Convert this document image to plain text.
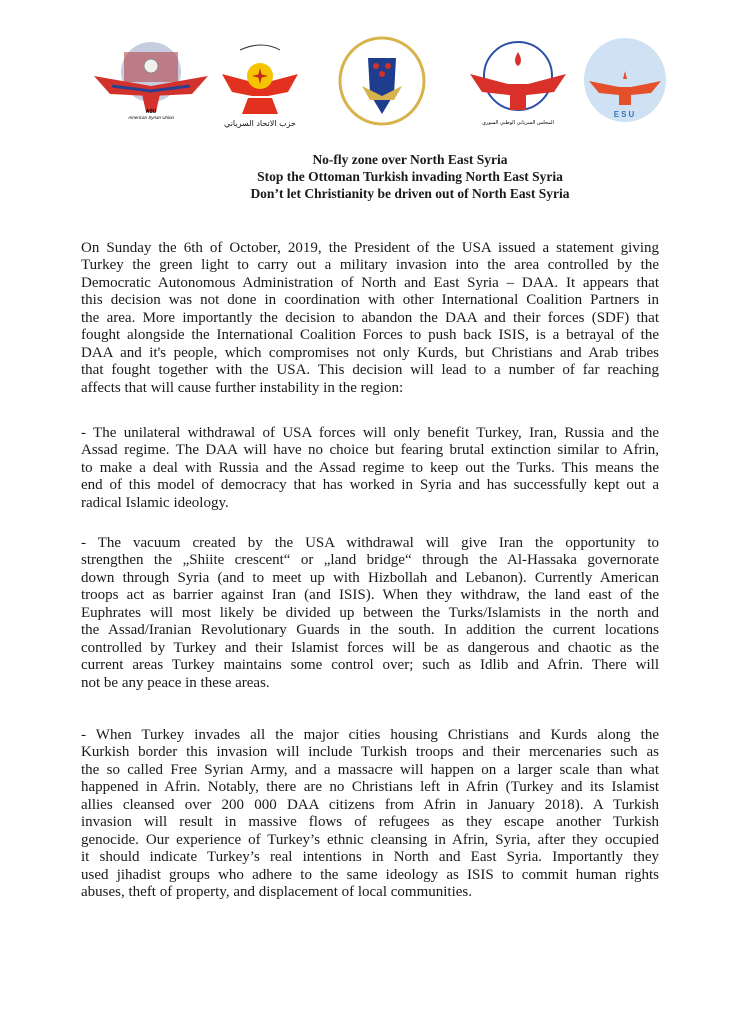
ASU
American Syrian Union
حزب الاتحاد السرياني	المجلس السرياني الوطني السوري
ESU
No-fly zone over North East Syria
Stop the Ottoman Turkish invading North East Syria
Don’t let Christianity be driven out of North East Syria
On Sunday the 6th of October, 2019, the President of the USA issued a statement giving
Turkey the green light to carry out a military invasion into the area controlled by the
Democratic Autonomous Administration of North and East Syria – DAA. It appears that
this decision was not done in coordination with other International Coalition Partners in
the area. More importantly the decision to abandon the DAA and their forces (SDF) that
fought alongside the International Coalition Forces to push back ISIS, is a betrayal of the
DAA and it's people, which compromises not only Kurds, but Christians and Arab tribes
that fought together with the USA. This decision will lead to a number of far reaching
affects that will cause further instability in the region:
- The unilateral withdrawal of USA forces will only benefit Turkey, Iran, Russia and the
Assad regime. The DAA will have no choice but fearing brutal extinction similar to Afrin,
to make a deal with Russia and the Assad regime to keep out the Turks. This means the
end of this model of democracy that has worked in Syria and has successfully kept out a
radical Islamic ideology.
- The vacuum created by the USA withdrawal will give Iran the opportunity to
strengthen the „Shiite crescent“ or „land bridge“ through the Al-Hassaka governorate
down through Syria (and to meet up with Hizbollah and Lebanon). Currently American
troops act as barrier against Iran (and ISIS). When they withdraw, the land east of the
Euphrates will most likely be divided up between the Turks/Islamists in the north and
the Assad/Iranian Revolutionary Guards in the south. In addition the current locations
controlled by Turkey and their Islamist forces will be as dangerous and chaotic as the
current areas Turkey maintains some control over; such as Idlib and Afrin. There will
not be any peace in these areas.
- When Turkey invades all the major cities housing Christians and Kurds along the
Kurkish border this invasion will include Turkish troops and their mercenaries such as
the so called Free Syrian Army, and a massacre will happen on a larger scale than what
happened in Afrin. Notably, there are no Christians left in Afrin (Turkey and its Islamist
allies cleansed over 200 000 DAA citizens from Afrin in January 2018). A Turkish
invasion will result in massive flows of refugees as they escape another Turkish
genocide. Our experience of Turkey’s ethnic cleansing in Afrin, Syria, after they occupied
it should indicate Turkey’s real intentions in North and East Syria. Importantly they
used jihadist groups who adhere to the same ideology as ISIS to commit human rights
abuses, theft of property, and displacement of local communities.
